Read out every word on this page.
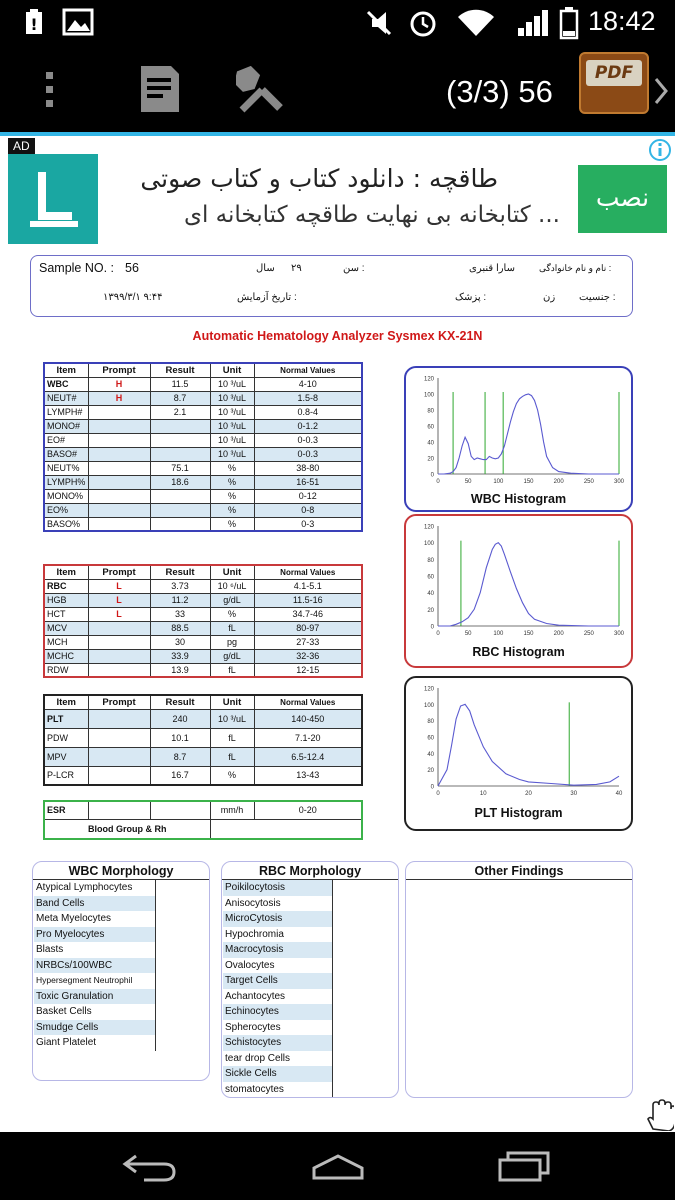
!	18:42
(3/3) 56
PDF
AD
طاقچه : دانلود کتاب و کتاب صوتی
کتابخانه بی نهایت طاقچه کتابخانه ای ...
نصب
Sample NO. : 56	سال ۲۹	سن :	سارا قنبری	نام و نام خانوادگی :
۱۳۹۹/۳/۱ ۹:۴۴	تاریخ آزمایش :	پزشک :	زن جنسیت :
Automatic Hematology Analyzer Sysmex KX-21N
Item	Prompt	Result	Unit	Normal Values
WBC	H	11.5	10 ³/uL	4-10
NEUT#	H	8.7	10 ³/uL	1.5-8
LYMPH#		2.1	10 ³/uL	0.8-4
MONO#			10 ³/uL	0-1.2
EO#			10 ³/uL	0-0.3
BASO#			10 ³/uL	0-0.3
NEUT%		75.1	%	38-80
LYMPH%		18.6	%	16-51
MONO%			%	0-12
EO%			%	0-8
BASO%			%	0-3
Item	Prompt	Result	Unit	Normal Values
RBC	L	3.73	10 ⁶/uL	4.1-5.1
HGB	L	11.2	g/dL	11.5-16
HCT	L	33	%	34.7-46
MCV		88.5	fL	80-97
MCH		30	pg	27-33
MCHC		33.9	g/dL	32-36
RDW		13.9	fL	12-15
Item	Prompt	Result	Unit	Normal Values
PLT		240	10 ³/uL	140-450
PDW		10.1	fL	7.1-20
MPV		8.7	fL	6.5-12.4
P-LCR		16.7	%	13-43
ESR			mm/h	0-20
Blood Group & Rh				
120
100
80
60
40
20
0
0	50	100	150	200	250	300
WBC Histogram
120
100
80
60
40
20
0
0	50	100	150	200	250	300
RBC Histogram
120
100
80
60
40
20
0
0	10	20	30	40
PLT Histogram
WBC Morphology
Atypical Lymphocytes
Band Cells
Meta Myelocytes
Pro Myelocytes
Blasts
NRBCs/100WBC
Hypersegment Neutrophil
Toxic Granulation
Basket Cells
Smudge Cells
Giant Platelet
RBC Morphology
Poikilocytosis
Anisocytosis
MicroCytosis
Hypochromia
Macrocytosis
Ovalocytes
Target Cells
Achantocytes
Echinocytes
Spherocytes
Schistocytes
tear drop Cells
Sickle Cells
stomatocytes
Other Findings
